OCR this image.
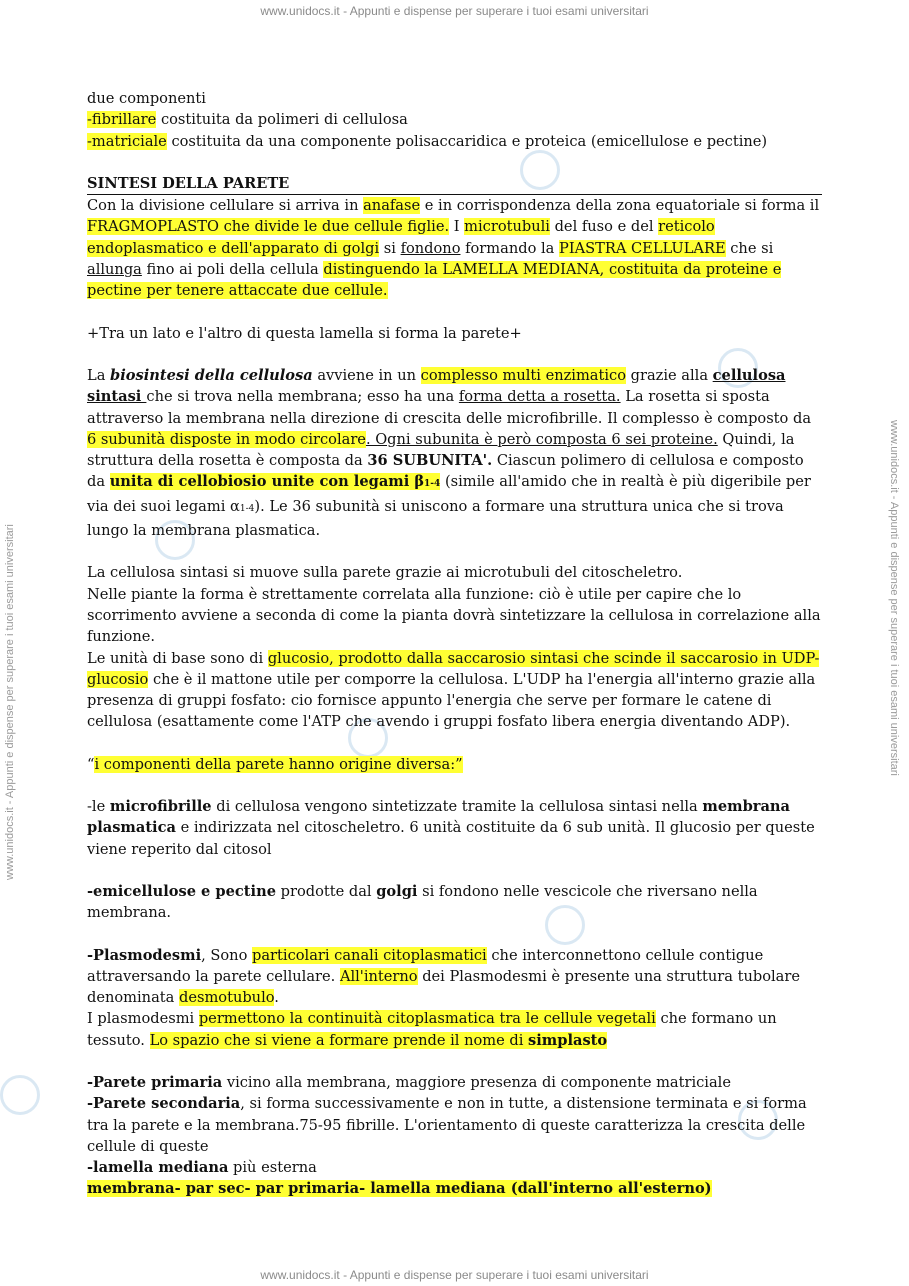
www.unidocs.it - Appunti e dispense per superare i tuoi esami universitari
www.unidocs.it - Appunti e dispense per superare i tuoi esami universitari	www.unidocs.it - Appunti e dispense per superare i tuoi esami universitari

due componenti

-fibrillare costituita da polimeri di cellulosa

-matriciale costituita da una componente polisaccaridica e proteica (emicellulose e pectine)

SINTESI DELLA PARETE

Con la divisione cellulare si arriva in anafase e in corrispondenza della zona equatoriale si forma il FRAGMOPLASTO che divide le due cellule figlie. I microtubuli del fuso e del reticolo endoplasmatico e dell'apparato di golgi si fondono formando la PIASTRA CELLULARE che si allunga fino ai poli della cellula distinguendo la LAMELLA MEDIANA, costituita da proteine e pectine per tenere attaccate due cellule.

+Tra un lato e l'altro di questa lamella si forma la parete+

La biosintesi della cellulosa avviene in un complesso multi enzimatico grazie alla cellulosa sintasi che si trova nella membrana; esso ha una forma detta a rosetta. La rosetta si sposta attraverso la membrana nella direzione di crescita delle microfibrille. Il complesso è composto da 6 subunità disposte in modo circolare. Ogni subunita è però composta 6 sei proteine. Quindi, la struttura della rosetta è composta da 36 SUBUNITA'. Ciascun polimero di cellulosa e composto da unita di cellobiosio unite con legami β1-4 (simile all'amido che in realtà è più digeribile per via dei suoi legami α1-4). Le 36 subunità si uniscono a formare una struttura unica che si trova lungo la membrana plasmatica.

La cellulosa sintasi si muove sulla parete grazie ai microtubuli del citoscheletro.

Nelle piante la forma è strettamente correlata alla funzione: ciò è utile per capire che lo scorrimento avviene a seconda di come la pianta dovrà sintetizzare la cellulosa in correlazione alla funzione.

Le unità di base sono di glucosio, prodotto dalla saccarosio sintasi che scinde il saccarosio in UDP-glucosio che è il mattone utile per comporre la cellulosa. L'UDP ha l'energia all'interno grazie alla presenza di gruppi fosfato: cio fornisce appunto l'energia che serve per formare le catene di cellulosa (esattamente come l'ATP che avendo i gruppi fosfato libera energia diventando ADP).

“i componenti della parete hanno origine diversa:”

-le microfibrille di cellulosa vengono sintetizzate tramite la cellulosa sintasi nella membrana plasmatica e indirizzata nel citoscheletro. 6 unità costituite da 6 sub unità. Il glucosio per queste viene reperito dal citosol

-emicellulose e pectine prodotte dal golgi si fondono nelle vescicole che riversano nella membrana.

-Plasmodesmi, Sono particolari canali citoplasmatici che interconnettono cellule contigue attraversando la parete cellulare. All'interno dei Plasmodesmi è presente una struttura tubolare denominata desmotubulo.

I plasmodesmi permettono la continuità citoplasmatica tra le cellule vegetali che formano un tessuto. Lo spazio che si viene a formare prende il nome di simplasto

-Parete primaria vicino alla membrana, maggiore presenza di componente matriciale

-Parete secondaria, si forma successivamente e non in tutte, a distensione terminata e si forma tra la parete e la membrana.75-95 fibrille. L'orientamento di queste caratterizza la crescita delle cellule di queste

-lamella mediana più esterna

membrana- par sec- par primaria- lamella mediana (dall'interno all'esterno)

www.unidocs.it - Appunti e dispense per superare i tuoi esami universitari
